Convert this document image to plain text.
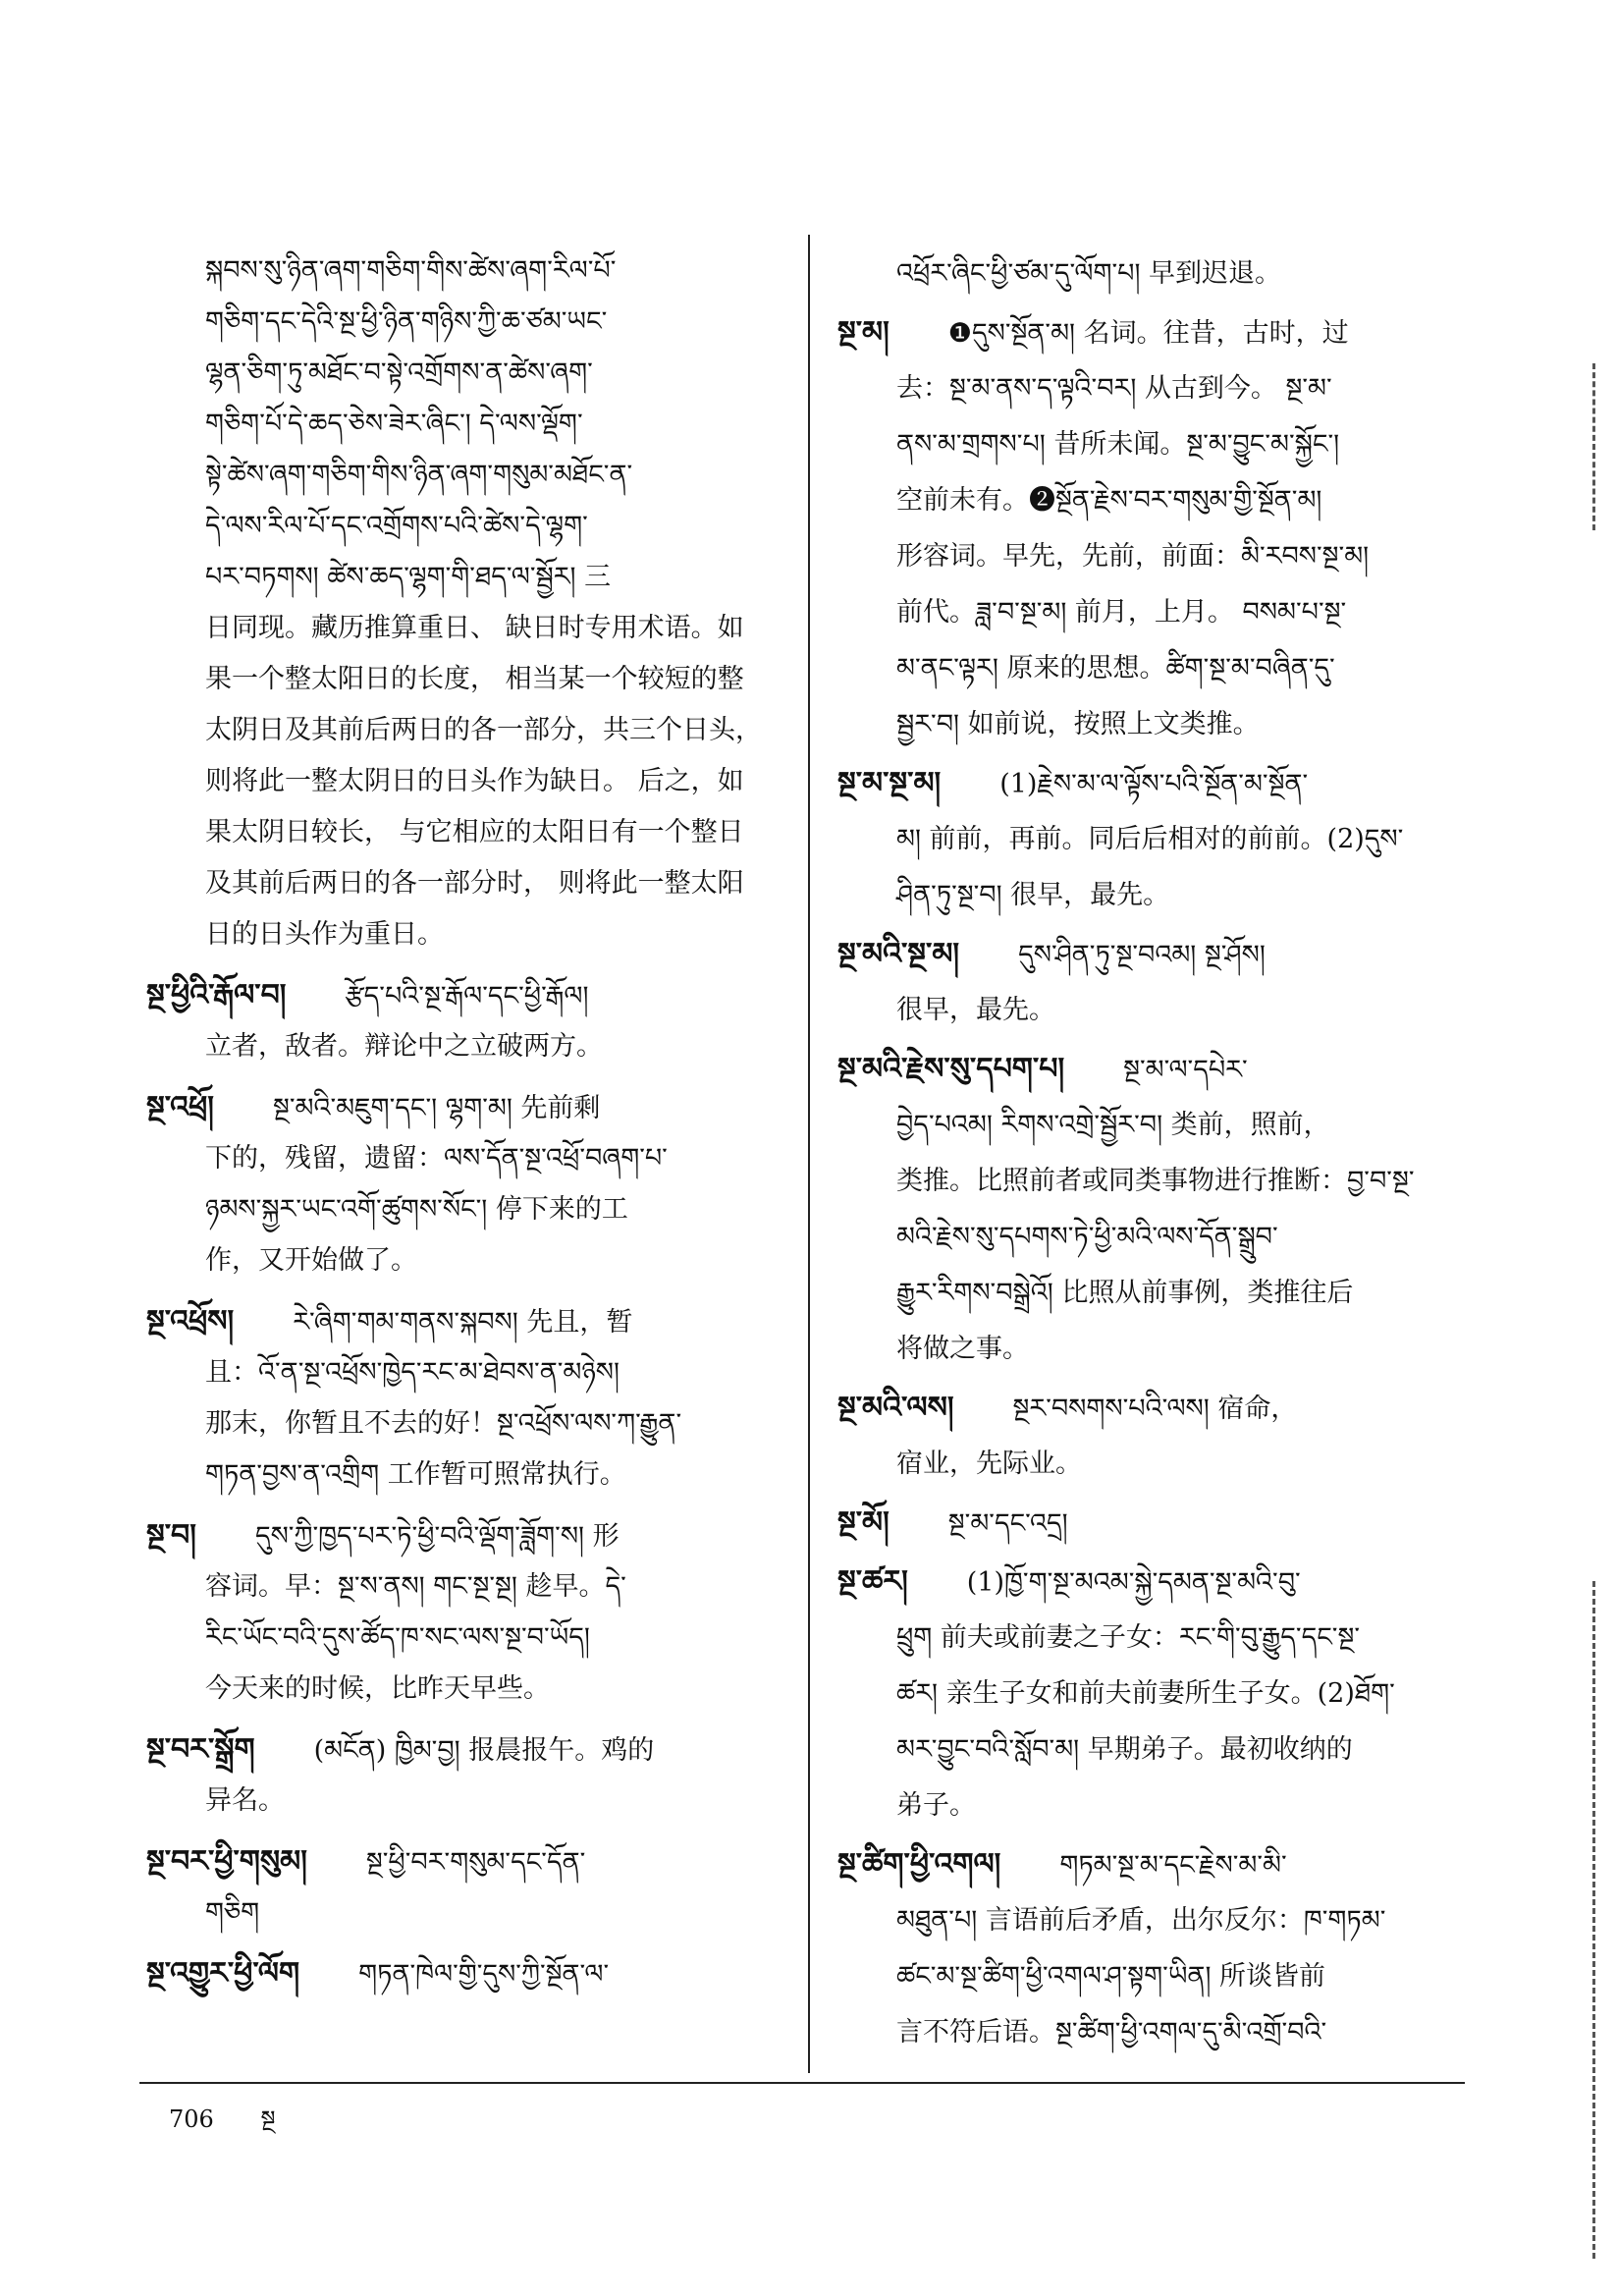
སྐབས་སུ་ཉིན་ཞག་གཅིག་གིས་ཚེས་ཞག་རིལ་པོ་
གཅིག་དང་དེའི་སྔ་ཕྱི་ཉིན་གཉིས་ཀྱི་ཆ་ཙམ་ཡང་
ལྷན་ཅིག་ཏུ་མཐོང་བ་སྟེ་འགྲོགས་ན་ཚེས་ཞག་
གཅིག་པོ་དེ་ཆད་ཅེས་ཟེར་ཞིང་། དེ་ལས་ལྡོག་
སྟེ་ཚེས་ཞག་གཅིག་གིས་ཉིན་ཞག་གསུམ་མཐོང་ན་
དེ་ལས་རིལ་པོ་དང་འགྲོགས་པའི་ཚེས་དེ་ལྷག་
པར་བཏགས། ཚེས་ཆད་ལྷག་གི་ཐད་ལ་སྦྱོར། 三
日同现。藏历推算重日、 缺日时专用术语。如
果一个整太阳日的长度， 相当某一个较短的整
太阴日及其前后两日的各一部分，共三个日头，
则将此一整太阴日的日头作为缺日。 后之，如
果太阴日较长， 与它相应的太阳日有一个整日
及其前后两日的各一部分时， 则将此一整太阳
日的日头作为重日。
སྔ་ཕྱིའི་རྒོལ་བ། རྩོད་པའི་སྔ་རྒོལ་དང་ཕྱི་རྒོལ།
立者，敌者。辩论中之立破两方。
སྔ་འཕྲོ། སྔ་མའི་མཇུག་དང་། ལྷག་མ། 先前剩
下的，残留，遗留：ལས་དོན་སྔ་འཕྲོ་བཞག་པ་
ཉམས་སྐྱར་ཡང་འགོ་ཚུགས་སོང་། 停下来的工
作，又开始做了。
སྔ་འཕྲོས། རེ་ཞིག་གམ་གནས་སྐབས། 先且，暂
且：འོ་ན་སྔ་འཕྲོས་ཁྱེད་རང་མ་ཐེབས་ན་མཉེས།
那末，你暂且不去的好！སྔ་འཕྲོས་ལས་ཀ་རྒྱུན་
གཏན་བྱས་ན་འགྲིག 工作暂可照常执行。
སྔ་བ། དུས་ཀྱི་ཁྱད་པར་ཏེ་ཕྱི་བའི་ལྡོག་ཟློག་ས། 形
容词。早：སྔ་ས་ནས། གང་སྔ་སྔ། 趁早。དེ་
རིང་ཡོང་བའི་དུས་ཚོད་ཁ་སང་ལས་སྔ་བ་ཡོད།
今天来的时候，比昨天早些。
སྔ་བར་སྒྲོག (མངོན) ཁྱིམ་བྱ། 报晨报午。鸡的
异名。
སྔ་བར་ཕྱི་གསུམ། སྔ་ཕྱི་བར་གསུམ་དང་དོན་
གཅིག
སྔ་འགྱུར་ཕྱི་ལོག གཏན་ཁེལ་གྱི་དུས་ཀྱི་སྔོན་ལ་
འཕྲོར་ཞིང་ཕྱི་ཙམ་དུ་ལོག་པ། 早到迟退。
སྔ་མ། ❶དུས་སྔོན་མ། 名词。往昔，古时，过
去：སྔ་མ་ནས་ད་ལྟའི་བར། 从古到今。 སྔ་མ་
ནས་མ་གྲགས་པ། 昔所未闻。སྔ་མ་བྱུང་མ་སྐྱོང་།
空前未有。❷སྔོན་རྗེས་བར་གསུམ་གྱི་སྔོན་མ།
形容词。早先，先前，前面：མི་རབས་སྔ་མ།
前代。ཟླ་བ་སྔ་མ། 前月，上月。 བསམ་པ་སྔ་
མ་ནང་ལྟར། 原来的思想。ཚིག་སྔ་མ་བཞིན་དུ་
སྦྱར་བ། 如前说，按照上文类推。
སྔ་མ་སྔ་མ། (1)རྗེས་མ་ལ་ལྟོས་པའི་སྔོན་མ་སྔོན་
མ། 前前，再前。同后后相对的前前。(2)དུས་
ཤིན་ཏུ་སྔ་བ། 很早，最先。
སྔ་མའི་སྔ་མ། དུས་ཤིན་ཏུ་སྔ་བའམ། སྔ་ཤོས།
很早，最先。
སྔ་མའི་རྗེས་སུ་དཔག་པ། སྔ་མ་ལ་དཔེར་
བྱེད་པའམ། རིགས་འགྲེ་སྦྱོར་བ། 类前，照前，
类推。比照前者或同类事物进行推断：བྱ་བ་སྔ་
མའི་རྗེས་སུ་དཔགས་ཏེ་ཕྱི་མའི་ལས་དོན་སྒྲུབ་
རྒྱུར་རིགས་བསྒྲེའོ། 比照从前事例，类推往后
将做之事。
སྔ་མའི་ལས། སྔར་བསགས་པའི་ལས། 宿命，
宿业，先际业。
སྔ་མོ། སྔ་མ་དང་འདྲ།
སྔ་ཚར། (1)ཁྱོ་ག་སྔ་མའམ་སྐྱེ་དམན་སྔ་མའི་བུ་
ཕྲུག 前夫或前妻之子女：རང་གི་བུ་རྒྱུད་དང་སྔ་
ཚར། 亲生子女和前夫前妻所生子女。(2)ཐོག་
མར་བྱུང་བའི་སློབ་མ། 早期弟子。最初收纳的
弟子。
སྔ་ཚིག་ཕྱི་འགལ། གཏམ་སྔ་མ་དང་རྗེས་མ་མི་
མཐུན་པ། 言语前后矛盾，出尔反尔：ཁ་གཏམ་
ཚང་མ་སྔ་ཚིག་ཕྱི་འགལ་ཤ་སྟག་ཡིན། 所谈皆前
言不符后语。སྔ་ཚིག་ཕྱི་འགལ་དུ་མི་འགྲོ་བའི་
706 སྔ
